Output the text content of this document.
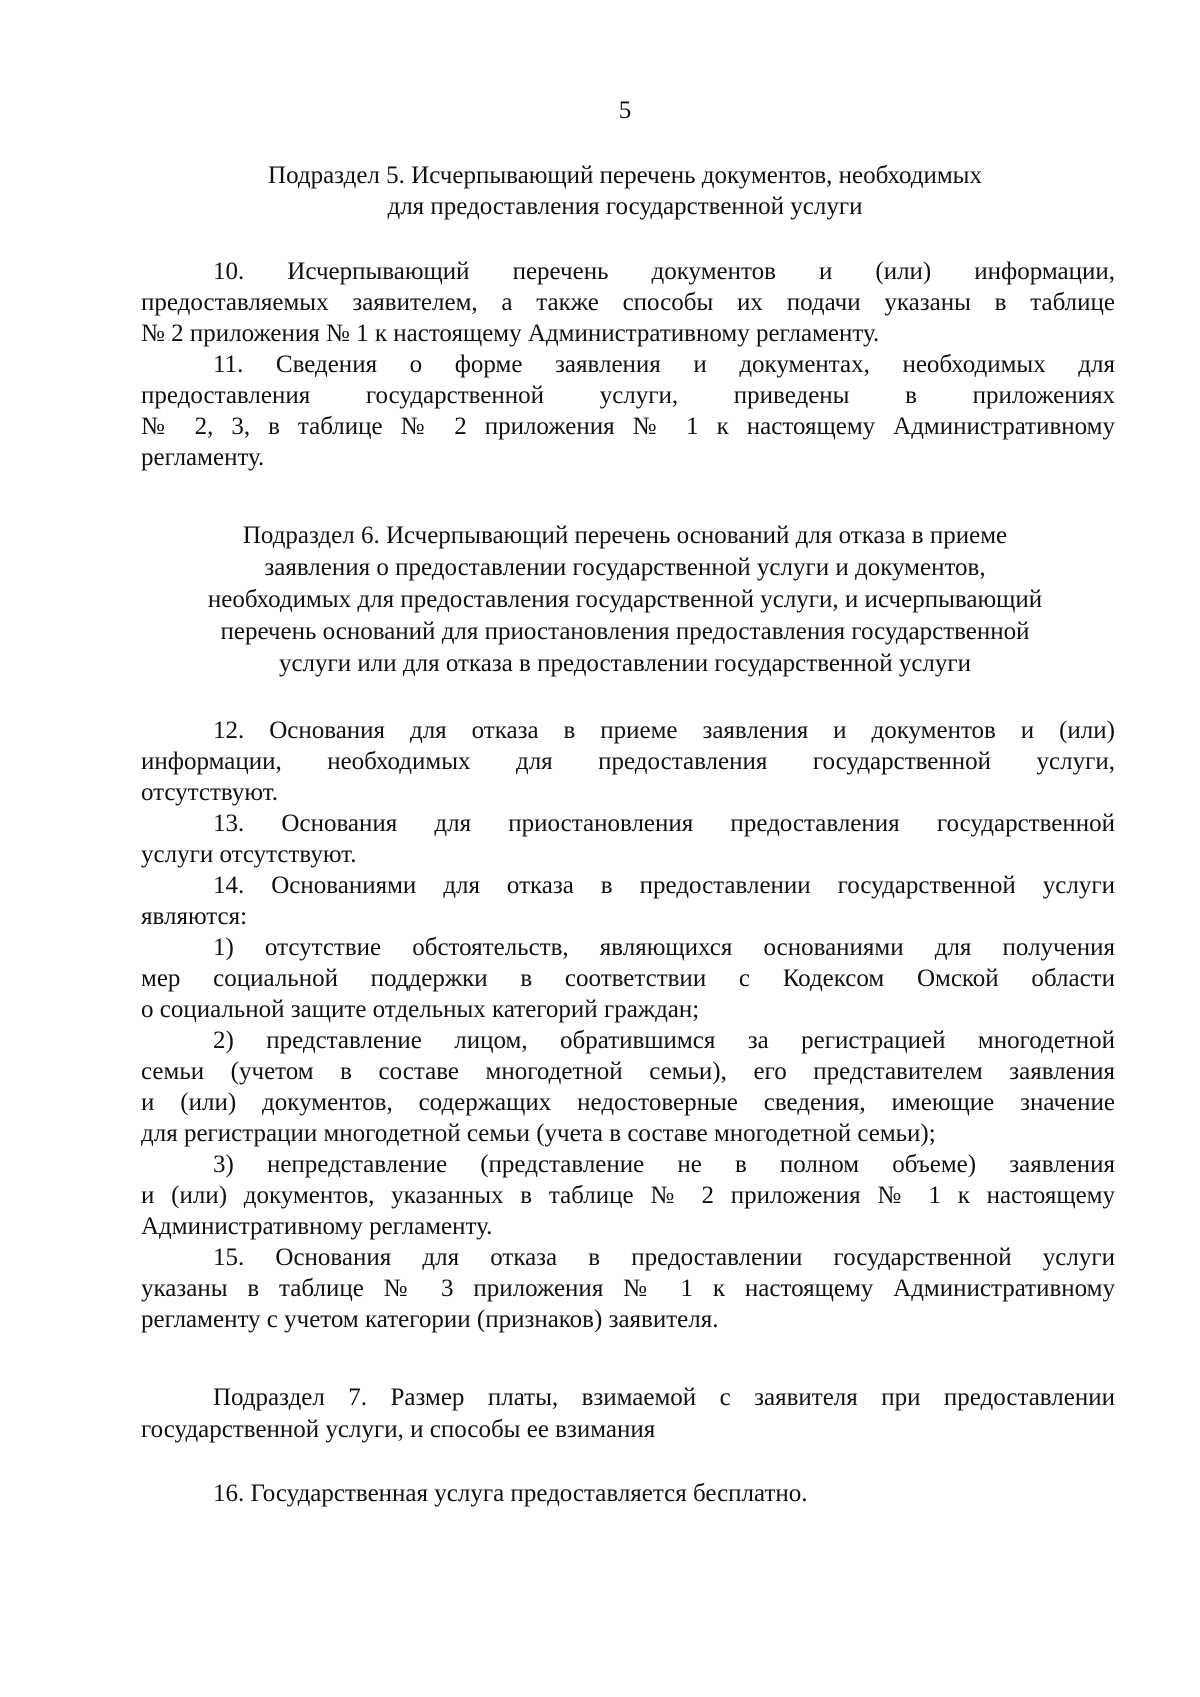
5
Подраздел 5. Исчерпывающий перечень документов, необходимых
для предоставления государственной услуги
10. Исчерпывающий перечень документов и (или) информации,
предоставляемых заявителем, а также способы их подачи указаны в таблице
№ 2 приложения № 1 к настоящему Административному регламенту.
11. Сведения о форме заявления и документах, необходимых для
предоставления государственной услуги, приведены в приложениях
№ 2, 3, в таблице № 2 приложения № 1 к настоящему Административному
регламенту.
Подраздел 6. Исчерпывающий перечень оснований для отказа в приеме
заявления о предоставлении государственной услуги и документов,
необходимых для предоставления государственной услуги, и исчерпывающий
перечень оснований для приостановления предоставления государственной
услуги или для отказа в предоставлении государственной услуги
12. Основания для отказа в приеме заявления и документов и (или)
информации, необходимых для предоставления государственной услуги,
отсутствуют.
13. Основания для приостановления предоставления государственной
услуги отсутствуют.
14. Основаниями для отказа в предоставлении государственной услуги
являются:
1) отсутствие обстоятельств, являющихся основаниями для получения
мер социальной поддержки в соответствии с Кодексом Омской области
о социальной защите отдельных категорий граждан;
2) представление лицом, обратившимся за регистрацией многодетной
семьи (учетом в составе многодетной семьи), его представителем заявления
и (или) документов, содержащих недостоверные сведения, имеющие значение
для регистрации многодетной семьи (учета в составе многодетной семьи);
3) непредставление (представление не в полном объеме) заявления
и (или) документов, указанных в таблице № 2 приложения № 1 к настоящему
Административному регламенту.
15. Основания для отказа в предоставлении государственной услуги
указаны в таблице № 3 приложения № 1 к настоящему Административному
регламенту с учетом категории (признаков) заявителя.
Подраздел 7. Размер платы, взимаемой с заявителя при предоставлении
государственной услуги, и способы ее взимания
16. Государственная услуга предоставляется бесплатно.
